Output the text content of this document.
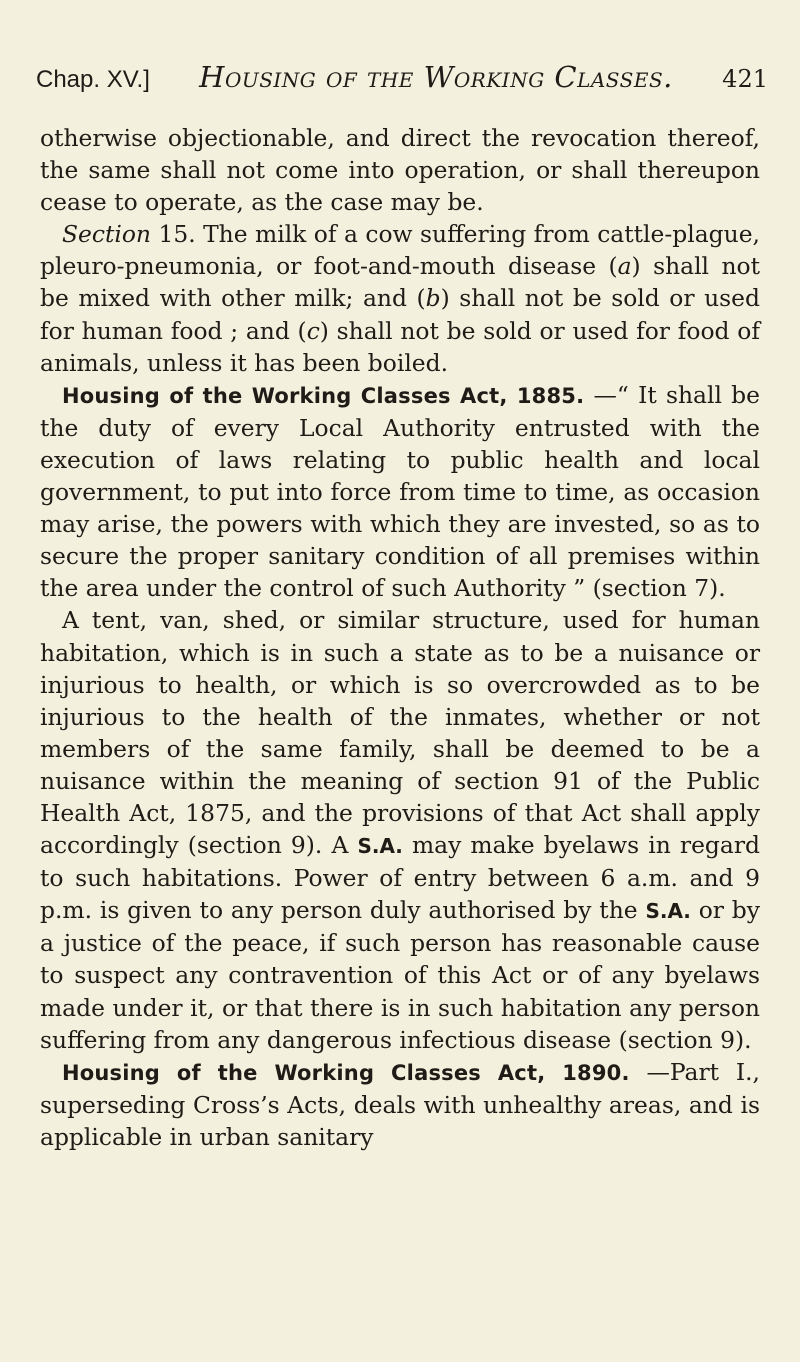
Chap. XV.] Housing of the Working Classes. 421

otherwise objectionable, and direct the revocation thereof, the same shall not come into operation, or shall thereupon cease to operate, as the case may be.

Section 15. The milk of a cow suffering from cattle-plague, pleuro-pneumonia, or foot-and-mouth disease (a) shall not be mixed with other milk; and (b) shall not be sold or used for human food ; and (c) shall not be sold or used for food of animals, unless it has been boiled.

Housing of the Working Classes Act, 1885. —“ It shall be the duty of every Local Authority entrusted with the execution of laws relating to public health and local government, to put into force from time to time, as occasion may arise, the powers with which they are invested, so as to secure the proper sanitary condition of all premises within the area under the control of such Authority ” (section 7).

A tent, van, shed, or similar structure, used for human habitation, which is in such a state as to be a nuisance or injurious to health, or which is so overcrowded as to be injurious to the health of the inmates, whether or not members of the same family, shall be deemed to be a nuisance within the meaning of section 91 of the Public Health Act, 1875, and the provisions of that Act shall apply accordingly (section 9). A S.A. may make byelaws in regard to such habitations. Power of entry between 6 a.m. and 9 p.m. is given to any person duly authorised by the S.A. or by a justice of the peace, if such person has reasonable cause to suspect any contravention of this Act or of any byelaws made under it, or that there is in such habitation any person suffering from any dangerous infectious disease (section 9).

Housing of the Working Classes Act, 1890. —Part I., superseding Cross’s Acts, deals with unhealthy areas, and is applicable in urban sanitary
